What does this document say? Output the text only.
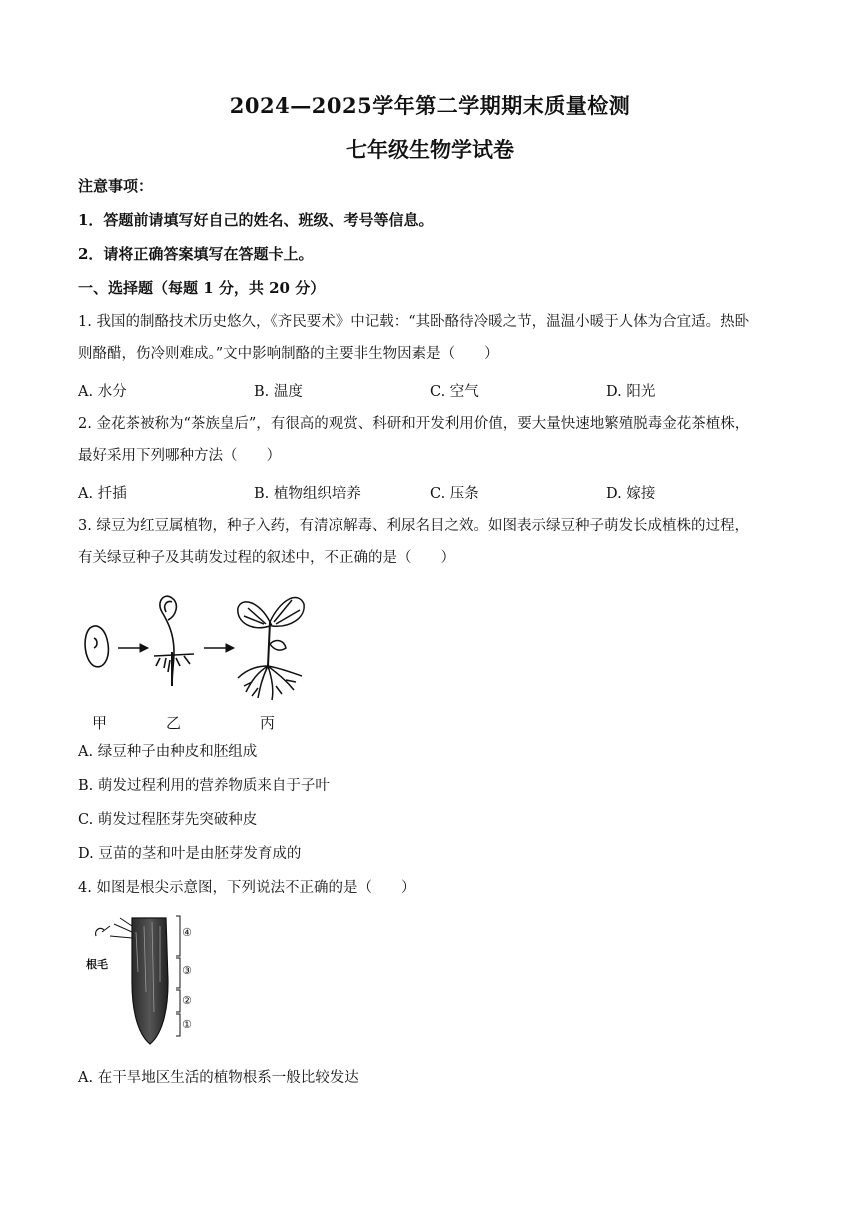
2024—2025学年第二学期期末质量检测
七年级生物学试卷
注意事项：
1．答题前请填写好自己的姓名、班级、考号等信息。
2．请将正确答案填写在答题卡上。
一、选择题（每题 1 分，共 20 分）
1. 我国的制酪技术历史悠久，《齐民要术》中记载：“其卧酪待冷暖之节，温温小暖于人体为合宜适。热卧
则酪醋，伤冷则难成。”文中影响制酪的主要非生物因素是（　　）
A. 水分	B. 温度	C. 空气	D. 阳光
2. 金花茶被称为“茶族皇后”，有很高的观赏、科研和开发利用价值，要大量快速地繁殖脱毒金花茶植株，
最好采用下列哪种方法（　　）
A. 扦插	B. 植物组织培养	C. 压条	D. 嫁接
3. 绿豆为红豆属植物，种子入药，有清凉解毒、利尿名目之效。如图表示绿豆种子萌发长成植株的过程，
有关绿豆种子及其萌发过程的叙述中，不正确的是（　　）
甲	乙	丙
A. 绿豆种子由种皮和胚组成
B. 萌发过程利用的营养物质来自于子叶
C. 萌发过程胚芽先突破种皮
D. 豆苗的茎和叶是由胚芽发育成的
4. 如图是根尖示意图，下列说法不正确的是（　　）
根毛
④
③
②
①
A. 在干旱地区生活的植物根系一般比较发达
